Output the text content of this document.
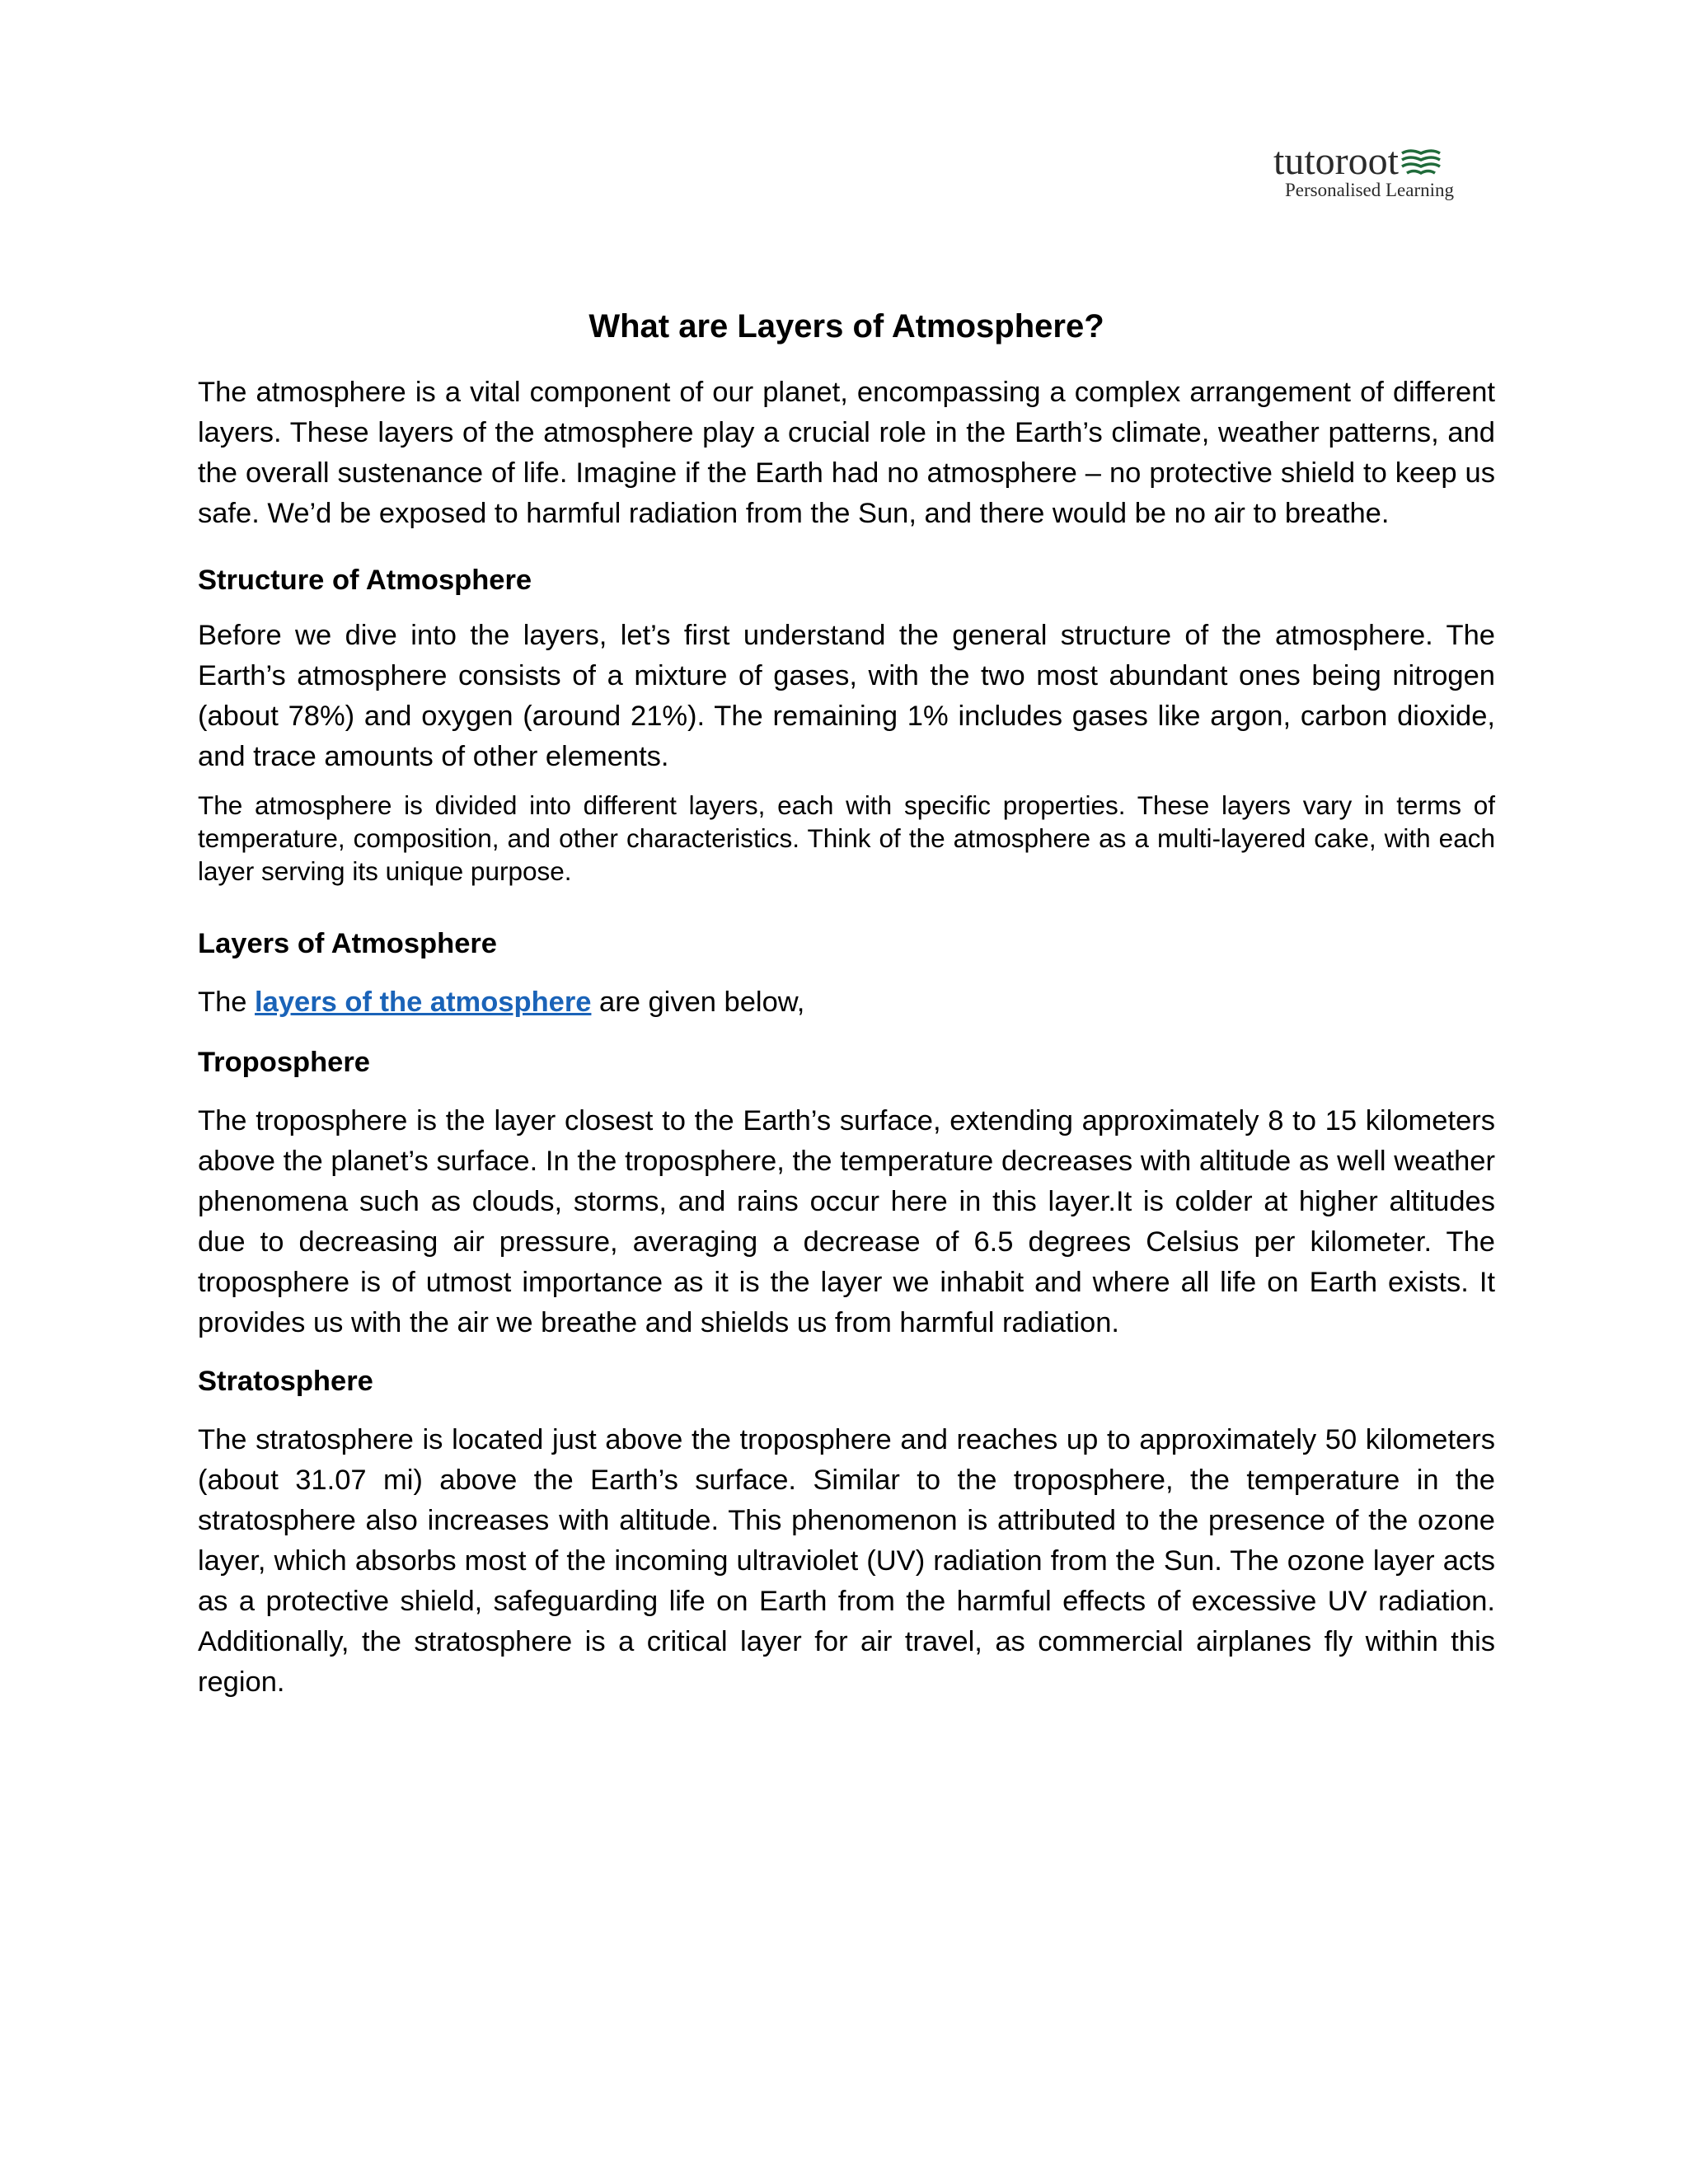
tutoroot
Personalised Learning
What are Layers of Atmosphere?

The atmosphere is a vital component of our planet, encompassing a complex arrangement of different layers. These layers of the atmosphere play a crucial role in the Earth’s climate, weather patterns, and the overall sustenance of life. Imagine if the Earth had no atmosphere – no protective shield to keep us safe. We’d be exposed to harmful radiation from the Sun, and there would be no air to breathe.

Structure of Atmosphere

Before we dive into the layers, let’s first understand the general structure of the atmosphere. The Earth’s atmosphere consists of a mixture of gases, with the two most abundant ones being nitrogen (about 78%) and oxygen (around 21%). The remaining 1% includes gases like argon, carbon dioxide, and trace amounts of other elements.

The atmosphere is divided into different layers, each with specific properties. These layers vary in terms of temperature, composition, and other characteristics. Think of the atmosphere as a multi-layered cake, with each layer serving its unique purpose.

Layers of Atmosphere

The layers of the atmosphere are given below,

Troposphere

The troposphere is the layer closest to the Earth’s surface, extending approximately 8 to 15 kilometers above the planet’s surface. In the troposphere, the temperature decreases with altitude as well weather phenomena such as clouds, storms, and rains occur here in this layer.It is colder at higher altitudes due to decreasing air pressure, averaging a decrease of 6.5 degrees Celsius per kilometer. The troposphere is of utmost importance as it is the layer we inhabit and where all life on Earth exists. It provides us with the air we breathe and shields us from harmful radiation.

Stratosphere

The stratosphere is located just above the troposphere and reaches up to approximately 50 kilometers (about 31.07 mi) above the Earth’s surface. Similar to the troposphere, the temperature in the stratosphere also increases with altitude. This phenomenon is attributed to the presence of the ozone layer, which absorbs most of the incoming ultraviolet (UV) radiation from the Sun. The ozone layer acts as a protective shield, safeguarding life on Earth from the harmful effects of excessive UV radiation. Additionally, the stratosphere is a critical layer for air travel, as commercial airplanes fly within this region.
